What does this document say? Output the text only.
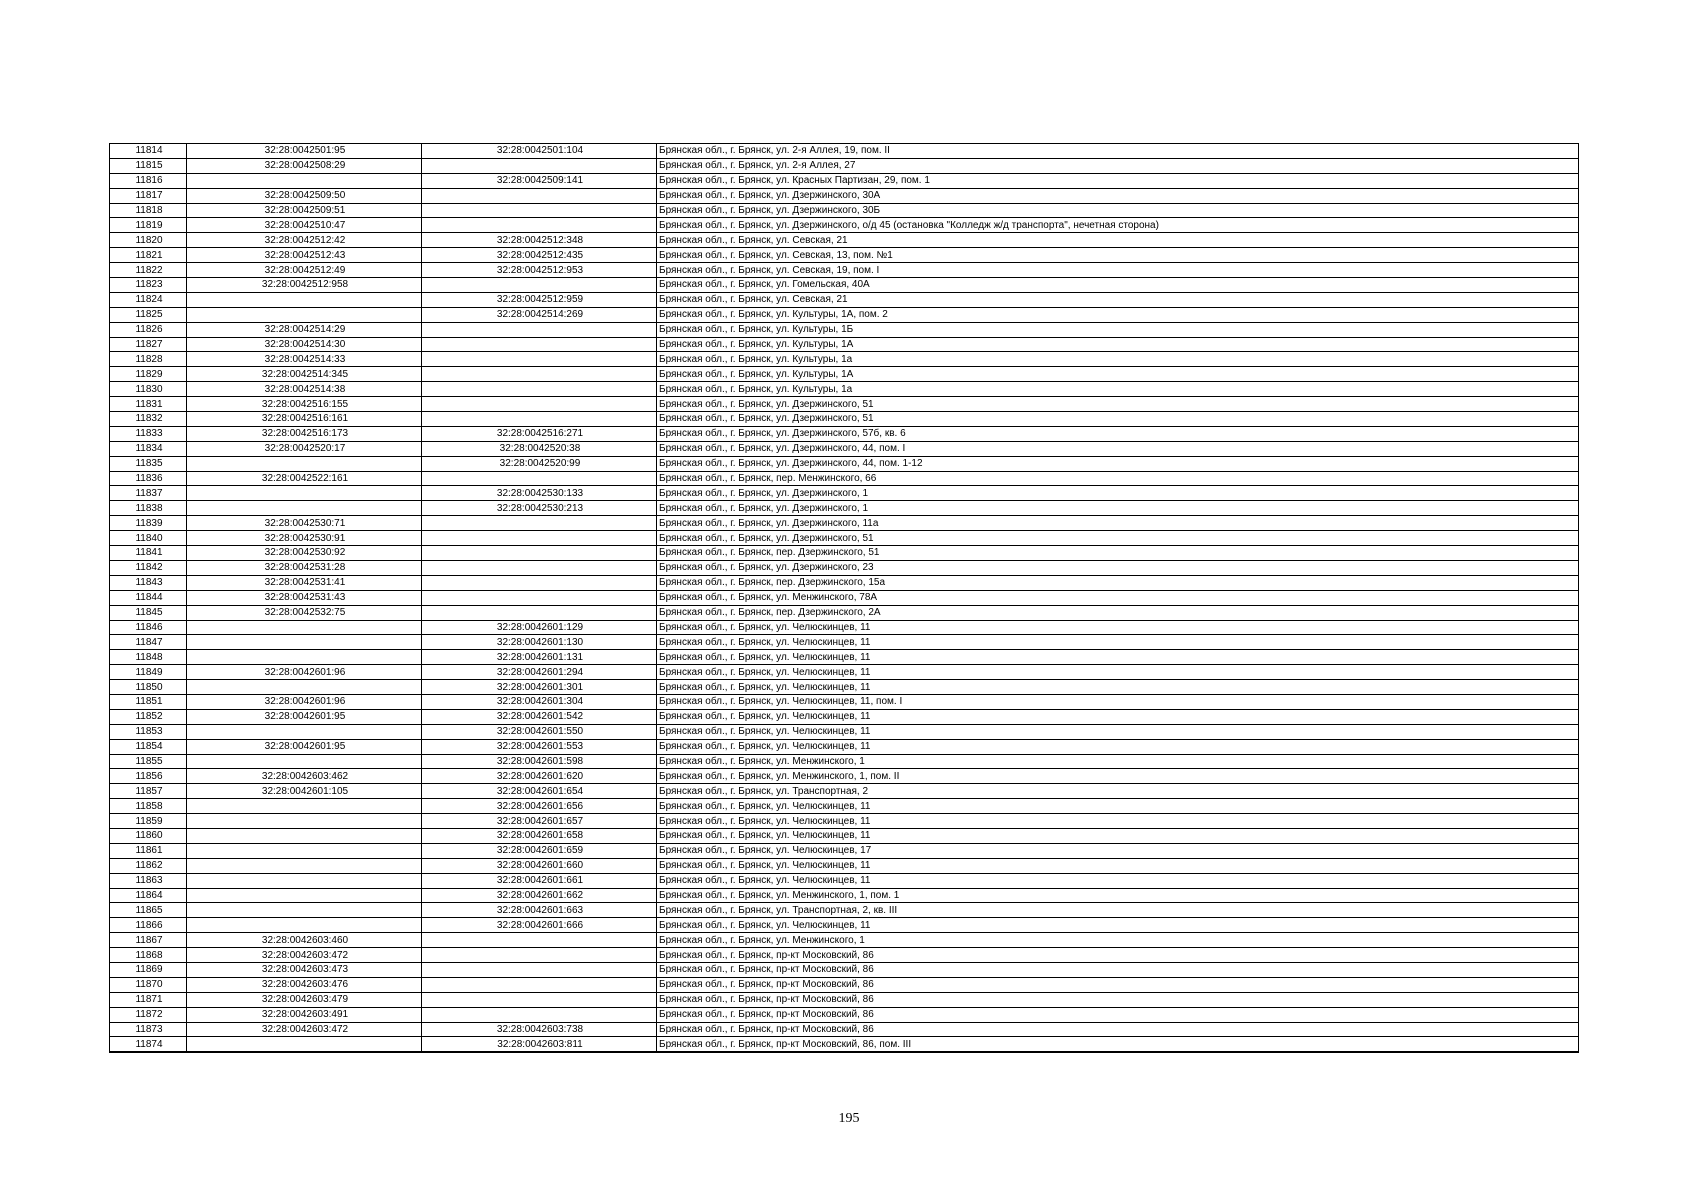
11814	32:28:0042501:95	32:28:0042501:104	Брянская обл., г. Брянск, ул. 2-я Аллея, 19, пом. II
11815	32:28:0042508:29		Брянская обл., г. Брянск, ул. 2-я Аллея, 27
11816		32:28:0042509:141	Брянская обл., г. Брянск, ул. Красных Партизан, 29, пом. 1
11817	32:28:0042509:50		Брянская обл., г. Брянск, ул. Дзержинского, 30А
11818	32:28:0042509:51		Брянская обл., г. Брянск, ул. Дзержинского, 30Б
11819	32:28:0042510:47		Брянская обл., г. Брянск, ул. Дзержинского, о/д 45 (остановка "Колледж ж/д транспорта", нечетная сторона)
11820	32:28:0042512:42	32:28:0042512:348	Брянская обл., г. Брянск, ул. Севская, 21
11821	32:28:0042512:43	32:28:0042512:435	Брянская обл., г. Брянск, ул. Севская, 13, пом. №1
11822	32:28:0042512:49	32:28:0042512:953	Брянская обл., г. Брянск, ул. Севская, 19, пом. I
11823	32:28:0042512:958		Брянская обл., г. Брянск, ул. Гомельская, 40А
11824		32:28:0042512:959	Брянская обл., г. Брянск, ул. Севская, 21
11825		32:28:0042514:269	Брянская обл., г. Брянск, ул. Культуры, 1А, пом. 2
11826	32:28:0042514:29		Брянская обл., г. Брянск, ул. Культуры, 1Б
11827	32:28:0042514:30		Брянская обл., г. Брянск, ул. Культуры, 1А
11828	32:28:0042514:33		Брянская обл., г. Брянск, ул. Культуры, 1а
11829	32:28:0042514:345		Брянская обл., г. Брянск, ул. Культуры, 1А
11830	32:28:0042514:38		Брянская обл., г. Брянск, ул. Культуры, 1а
11831	32:28:0042516:155		Брянская обл., г. Брянск, ул. Дзержинского, 51
11832	32:28:0042516:161		Брянская обл., г. Брянск, ул. Дзержинского, 51
11833	32:28:0042516:173	32:28:0042516:271	Брянская обл., г. Брянск, ул. Дзержинского, 57б, кв. 6
11834	32:28:0042520:17	32:28:0042520:38	Брянская обл., г. Брянск, ул. Дзержинского, 44, пом. I
11835		32:28:0042520:99	Брянская обл., г. Брянск, ул. Дзержинского, 44, пом. 1-12
11836	32:28:0042522:161		Брянская обл., г. Брянск, пер. Менжинского, 66
11837		32:28:0042530:133	Брянская обл., г. Брянск, ул. Дзержинского, 1
11838		32:28:0042530:213	Брянская обл., г. Брянск, ул. Дзержинского, 1
11839	32:28:0042530:71		Брянская обл., г. Брянск, ул. Дзержинского, 11а
11840	32:28:0042530:91		Брянская обл., г. Брянск, ул. Дзержинского, 51
11841	32:28:0042530:92		Брянская обл., г. Брянск, пер. Дзержинского, 51
11842	32:28:0042531:28		Брянская обл., г. Брянск, ул. Дзержинского, 23
11843	32:28:0042531:41		Брянская обл., г. Брянск, пер. Дзержинского, 15а
11844	32:28:0042531:43		Брянская обл., г. Брянск, ул. Менжинского, 78А
11845	32:28:0042532:75		Брянская обл., г. Брянск, пер. Дзержинского, 2А
11846		32:28:0042601:129	Брянская обл., г. Брянск, ул. Челюскинцев, 11
11847		32:28:0042601:130	Брянская обл., г. Брянск, ул. Челюскинцев, 11
11848		32:28:0042601:131	Брянская обл., г. Брянск, ул. Челюскинцев, 11
11849	32:28:0042601:96	32:28:0042601:294	Брянская обл., г. Брянск, ул. Челюскинцев, 11
11850		32:28:0042601:301	Брянская обл., г. Брянск, ул. Челюскинцев, 11
11851	32:28:0042601:96	32:28:0042601:304	Брянская обл., г. Брянск, ул. Челюскинцев, 11, пом. I
11852	32:28:0042601:95	32:28:0042601:542	Брянская обл., г. Брянск, ул. Челюскинцев, 11
11853		32:28:0042601:550	Брянская обл., г. Брянск, ул. Челюскинцев, 11
11854	32:28:0042601:95	32:28:0042601:553	Брянская обл., г. Брянск, ул. Челюскинцев, 11
11855		32:28:0042601:598	Брянская обл., г. Брянск, ул. Менжинского, 1
11856	32:28:0042603:462	32:28:0042601:620	Брянская обл., г. Брянск, ул. Менжинского, 1, пом. II
11857	32:28:0042601:105	32:28:0042601:654	Брянская обл., г. Брянск, ул. Транспортная, 2
11858		32:28:0042601:656	Брянская обл., г. Брянск, ул. Челюскинцев, 11
11859		32:28:0042601:657	Брянская обл., г. Брянск, ул. Челюскинцев, 11
11860		32:28:0042601:658	Брянская обл., г. Брянск, ул. Челюскинцев, 11
11861		32:28:0042601:659	Брянская обл., г. Брянск, ул. Челюскинцев, 17
11862		32:28:0042601:660	Брянская обл., г. Брянск, ул. Челюскинцев, 11
11863		32:28:0042601:661	Брянская обл., г. Брянск, ул. Челюскинцев, 11
11864		32:28:0042601:662	Брянская обл., г. Брянск, ул. Менжинского, 1, пом. 1
11865		32:28:0042601:663	Брянская обл., г. Брянск, ул. Транспортная, 2, кв. III
11866		32:28:0042601:666	Брянская обл., г. Брянск, ул. Челюскинцев, 11
11867	32:28:0042603:460		Брянская обл., г. Брянск, ул. Менжинского, 1
11868	32:28:0042603:472		Брянская обл., г. Брянск, пр-кт Московский, 86
11869	32:28:0042603:473		Брянская обл., г. Брянск, пр-кт Московский, 86
11870	32:28:0042603:476		Брянская обл., г. Брянск, пр-кт Московский, 86
11871	32:28:0042603:479		Брянская обл., г. Брянск, пр-кт Московский, 86
11872	32:28:0042603:491		Брянская обл., г. Брянск, пр-кт Московский, 86
11873	32:28:0042603:472	32:28:0042603:738	Брянская обл., г. Брянск, пр-кт Московский, 86
11874		32:28:0042603:811	Брянская обл., г. Брянск, пр-кт Московский, 86, пом. III
195
